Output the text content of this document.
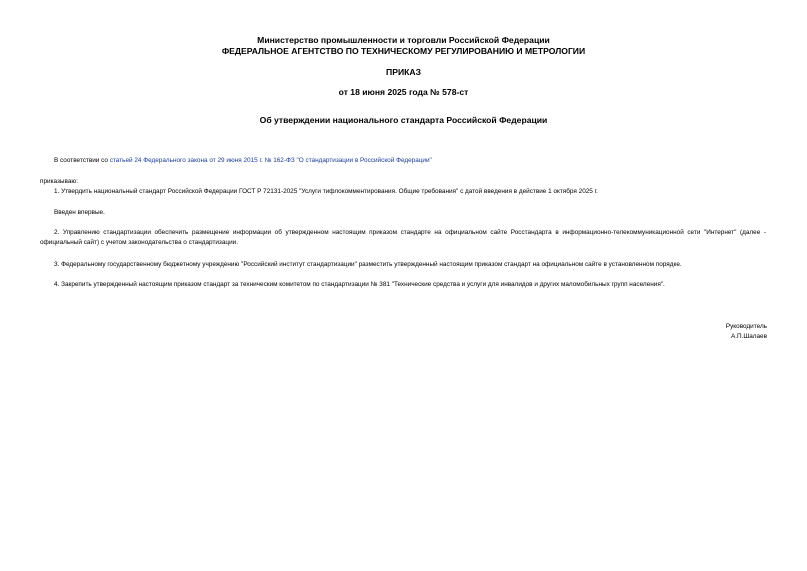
Министерство промышленности и торговли Российской Федерации
ФЕДЕРАЛЬНОЕ АГЕНТСТВО ПО ТЕХНИЧЕСКОМУ РЕГУЛИРОВАНИЮ И МЕТРОЛОГИИ
ПРИКАЗ
от 18 июня 2025 года № 578-ст
Об утверждении национального стандарта Российской Федерации
В соответствии со статьей 24 Федерального закона от 29 июня 2015 г. № 162-ФЗ "О стандартизации в Российской Федерации"
приказываю:
1. Утвердить национальный стандарт Российской Федерации ГОСТ Р 72131-2025 "Услуги тифлокомментирования. Общие требования" с датой введения в действие 1 октября 2025 г.
Введен впервые.
2. Управлению стандартизации обеспечить размещение информации об утвержденном настоящим приказом стандарте на официальном сайте Росстандарта в информационно-телекоммуникационной сети "Интернет" (далее - официальный сайт) с учетом законодательства о стандартизации.
3. Федеральному государственному бюджетному учреждению "Российский институт стандартизации" разместить утвержденный настоящим приказом стандарт на официальном сайте в установленном порядке.
4. Закрепить утвержденный настоящим приказом стандарт за техническим комитетом по стандартизации № 381 "Технические средства и услуги для инвалидов и других маломобильных групп населения".
Руководитель
А.П.Шалаев
